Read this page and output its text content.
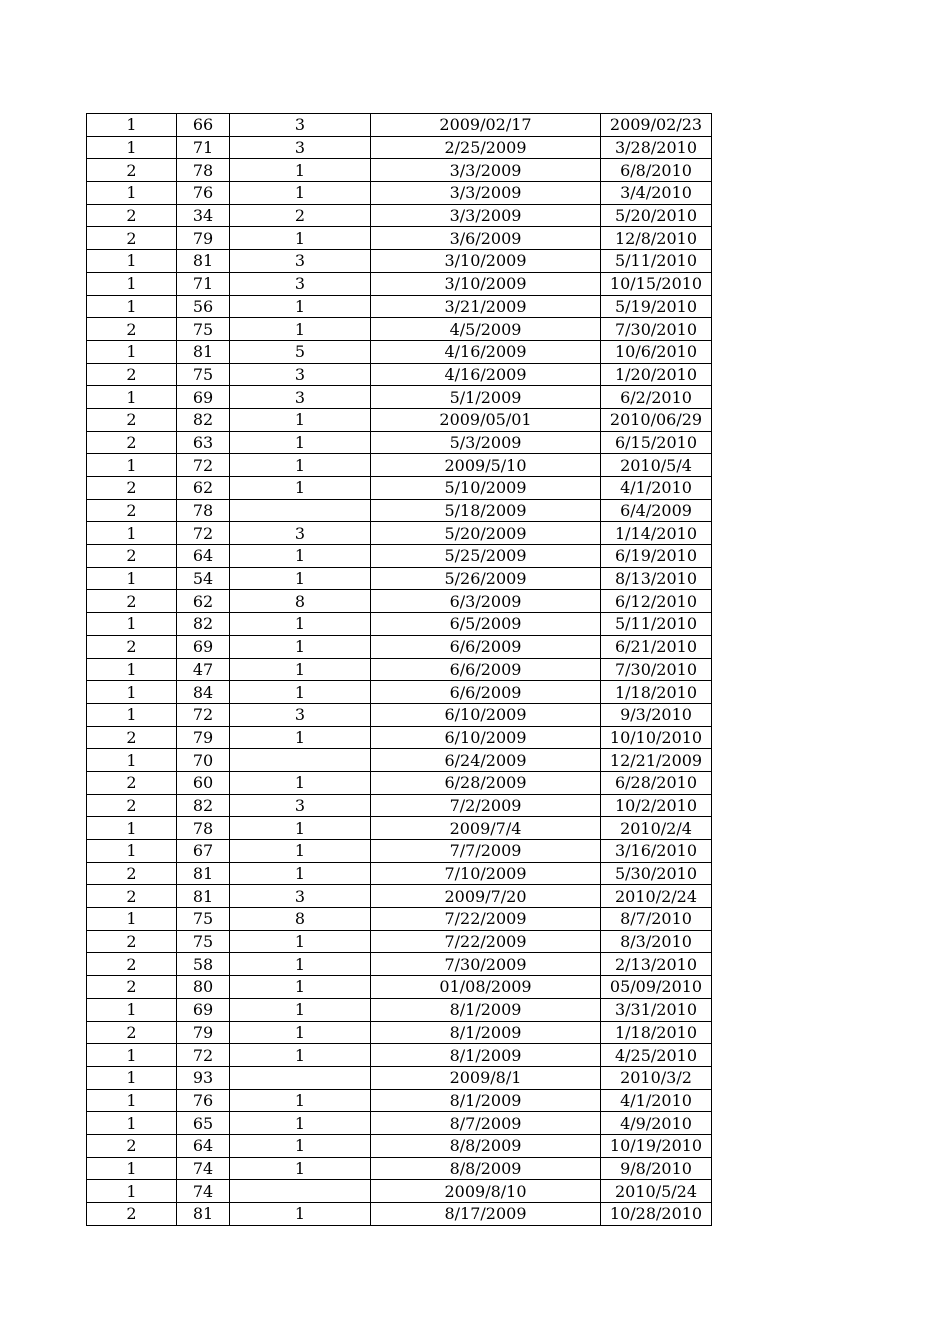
1	66	3	2009/02/17	2009/02/23
1	71	3	2/25/2009	3/28/2010
2	78	1	3/3/2009	6/8/2010
1	76	1	3/3/2009	3/4/2010
2	34	2	3/3/2009	5/20/2010
2	79	1	3/6/2009	12/8/2010
1	81	3	3/10/2009	5/11/2010
1	71	3	3/10/2009	10/15/2010
1	56	1	3/21/2009	5/19/2010
2	75	1	4/5/2009	7/30/2010
1	81	5	4/16/2009	10/6/2010
2	75	3	4/16/2009	1/20/2010
1	69	3	5/1/2009	6/2/2010
2	82	1	2009/05/01	2010/06/29
2	63	1	5/3/2009	6/15/2010
1	72	1	2009/5/10	2010/5/4
2	62	1	5/10/2009	4/1/2010
2	78		5/18/2009	6/4/2009
1	72	3	5/20/2009	1/14/2010
2	64	1	5/25/2009	6/19/2010
1	54	1	5/26/2009	8/13/2010
2	62	8	6/3/2009	6/12/2010
1	82	1	6/5/2009	5/11/2010
2	69	1	6/6/2009	6/21/2010
1	47	1	6/6/2009	7/30/2010
1	84	1	6/6/2009	1/18/2010
1	72	3	6/10/2009	9/3/2010
2	79	1	6/10/2009	10/10/2010
1	70		6/24/2009	12/21/2009
2	60	1	6/28/2009	6/28/2010
2	82	3	7/2/2009	10/2/2010
1	78	1	2009/7/4	2010/2/4
1	67	1	7/7/2009	3/16/2010
2	81	1	7/10/2009	5/30/2010
2	81	3	2009/7/20	2010/2/24
1	75	8	7/22/2009	8/7/2010
2	75	1	7/22/2009	8/3/2010
2	58	1	7/30/2009	2/13/2010
2	80	1	01/08/2009	05/09/2010
1	69	1	8/1/2009	3/31/2010
2	79	1	8/1/2009	1/18/2010
1	72	1	8/1/2009	4/25/2010
1	93		2009/8/1	2010/3/2
1	76	1	8/1/2009	4/1/2010
1	65	1	8/7/2009	4/9/2010
2	64	1	8/8/2009	10/19/2010
1	74	1	8/8/2009	9/8/2010
1	74		2009/8/10	2010/5/24
2	81	1	8/17/2009	10/28/2010
